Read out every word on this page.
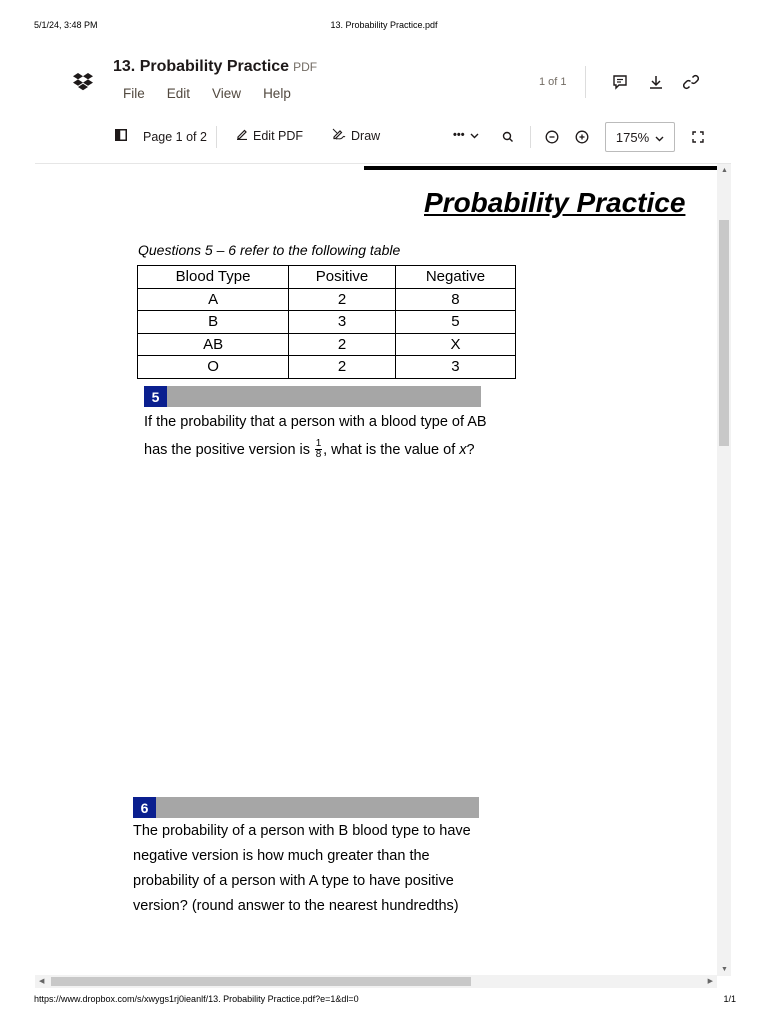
5/1/24, 3:48 PM	13. Probability Practice.pdf
13. Probability Practice PDF
File Edit View Help
1 of 1
Page 1 of 2	Edit PDF	Draw	•••	175%
Probability Practice
Questions 5 – 6 refer to the following table
Blood Type	Positive	Negative
A	2	8
B	3	5
AB	2	X
O	2	3
5
If the probability that a person with a blood type of AB
has the positive version is $\frac{1}{8}$ , what is the value of x?
6
The probability of a person with B blood type to have
negative version is how much greater than the
probability of a person with A type to have positive
version? (round answer to the nearest hundredths)
▲
▼
◀	▶
https://www.dropbox.com/s/xwygs1rj0ieanlf/13. Probability Practice.pdf?e=1&dl=0	1/1
